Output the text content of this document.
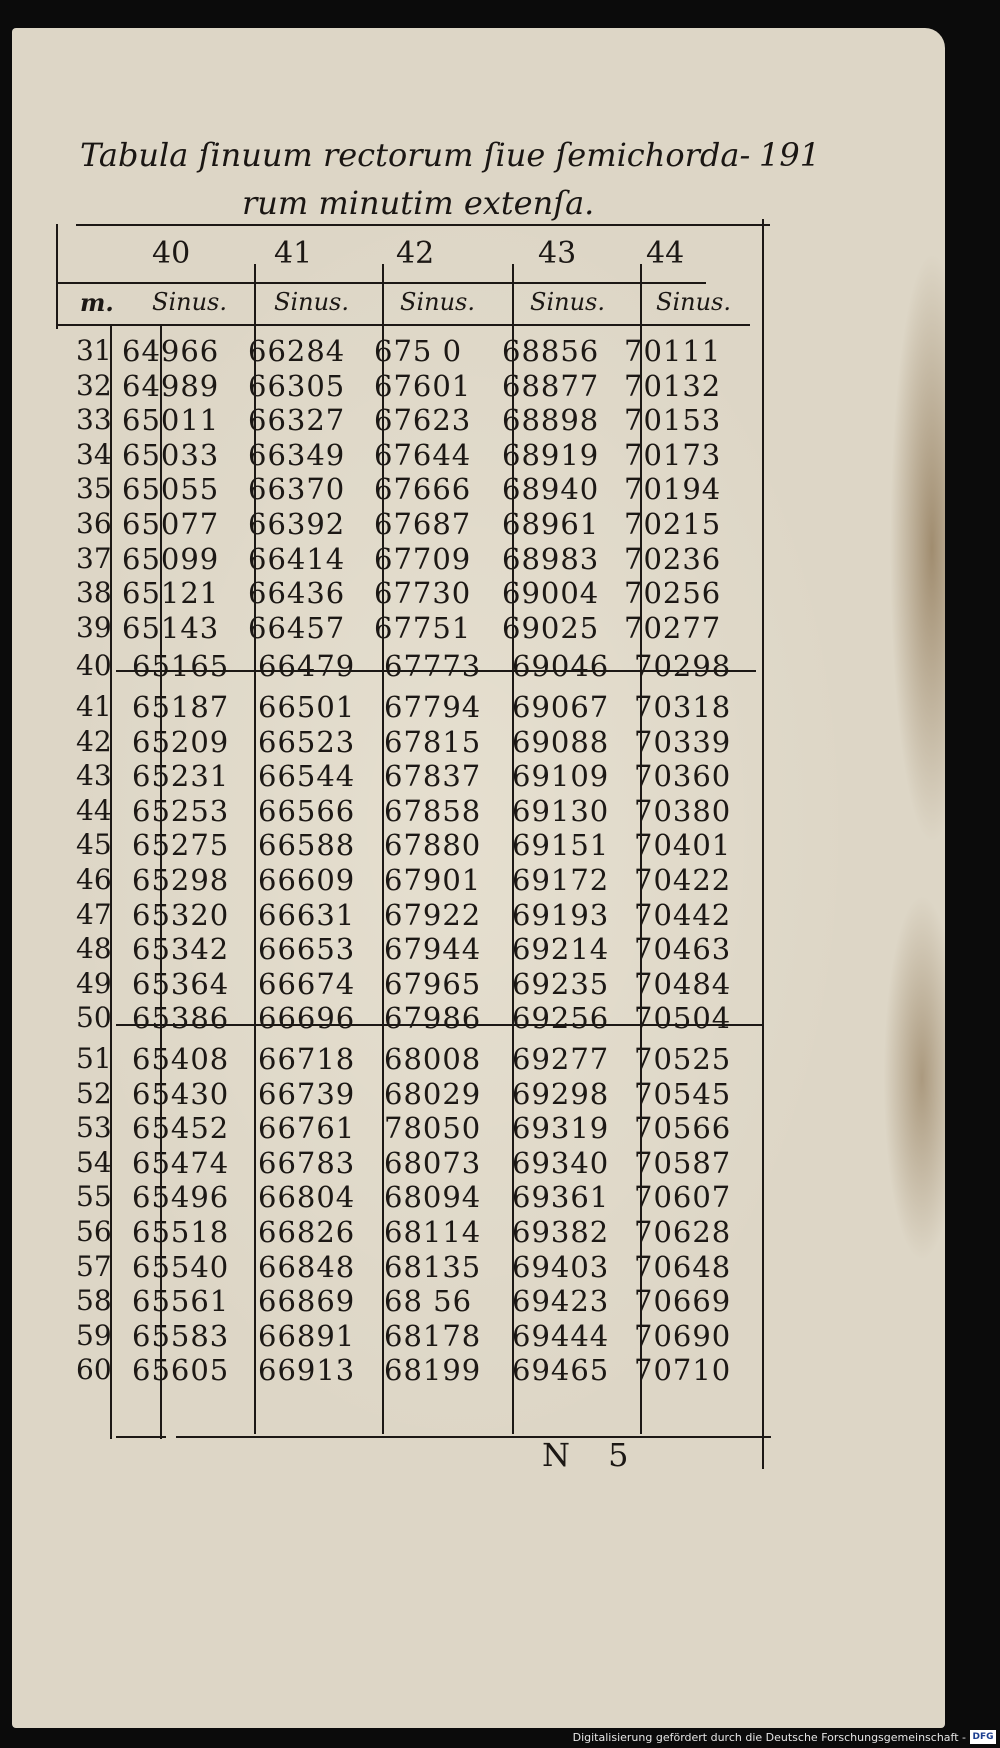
Tabula ſinuum rectorum ſiue ſemichorda- 191
rum minutim extenſa.
40	41	42	43 44
m. Sinus. Sinus. Sinus. Sinus. Sinus.
31 64966 66284 675 0	68856 70111
32 64989 66305 67601	68877 70132
33 65011 66327 67623	68898 70153
34 65033 66349 67644	68919 70173
35 65055 66370 67666	68940 70194
36 65077 66392 67687	68961 70215
37 65099 66414 67709	68983 70236
38 65121 66436 67730	69004 70256
39 65143 66457 67751	69025 70277
40 65165 66479 67773	69046 70298
41 65187 66501 67794	69067 70318
42 65209 66523 67815	69088 70339
43 65231 66544 67837	69109 70360
44 65253 66566 67858	69130 70380
45 65275 66588 67880	69151 70401
46 65298 66609 67901	69172 70422
47 65320 66631 67922	69193 70442
48 65342 66653 67944	69214 70463
49 65364 66674 67965	69235 70484
50 65386 66696 67986	69256 70504
51 65408 66718 68008	69277 70525
52 65430 66739 68029	69298 70545
53 65452 66761 78050	69319 70566
54 65474 66783 68073	69340 70587
55 65496 66804 68094	69361 70607
56 65518 66826 68114	69382 70628
57 65540 66848 68135	69403 70648
58 65561 66869 68 56	69423 70669
59 65583 66891 68178	69444 70690
60 65605 66913 68199	69465 70710
N 5
Digitalisierung gefördert durch die Deutsche Forschungsgemeinschaft - DFG
